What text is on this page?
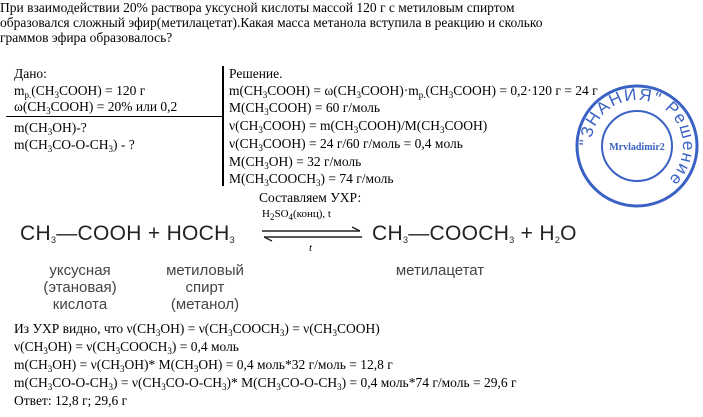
При взаимодействии 20% раствора уксусной кислоты массой 120 г с метиловым спиртом
образовался сложный эфир(метилацетат).Какая масса метанола вступила в реакцию и сколько
граммов эфира образовалось?
Дано:
$m_{р.}(CH_3COOH) = 120$ г
$\omega(CH_3COOH) = 20\%$ или 0,2
$m(CH_3OH)-$?
$m(CH_3CO-O-CH_3)$ - ?
Решение.
$m(CH_3COOH)$ = $\omega(CH_3COOH)\cdot m_{р.}(CH_3COOH) = 0,2\cdot 120$ г = 24 г
$M(CH_3COOH) = 60$ г/моль
$\nu(CH_3COOH)$ = $m(CH_3COOH)/M(CH_3COOH)$
$\nu(CH_3COOH) = 24$ г/60 г/моль = 0,4 моль
$M(CH_3OH) = 32$ г/моль
$M(CH_3COOCH_3) = 74$ г/моль
Составляем УХР:
$CH_3—COOH$ + $HOCH_3$
$H_2SO_4(конц)$, t
t
$CH_3—COOCH_3 + H_2O$
уксусная
(этановая)
кислота
метиловый
спирт
(метанол)
метилацетат
Из УХР видно, что $\nu(CH_3OH)$ = $\nu(CH_3COOCH_3)$ = $\nu(CH_3COOH)$
$\nu(CH_3OH)$ = $\nu(CH_3COOCH_3) = 0,4$ моль
$m(CH_3OH) = \nu(CH_3OH)*$ $M(CH_3OH) = 0,4$ моль*32 г/моль = 12,8 г
$m(CH_3CO-O-CH_3) = \nu(CH_3CO-O-CH_3)*$ $M(CH_3CO-O-CH_3) = 0,4$ моль*74 г/моль = 29,6 г
Ответ: 12,8 г; 29,6 г
"ЗНАНИЯ" Решение
Mrvladimir2
